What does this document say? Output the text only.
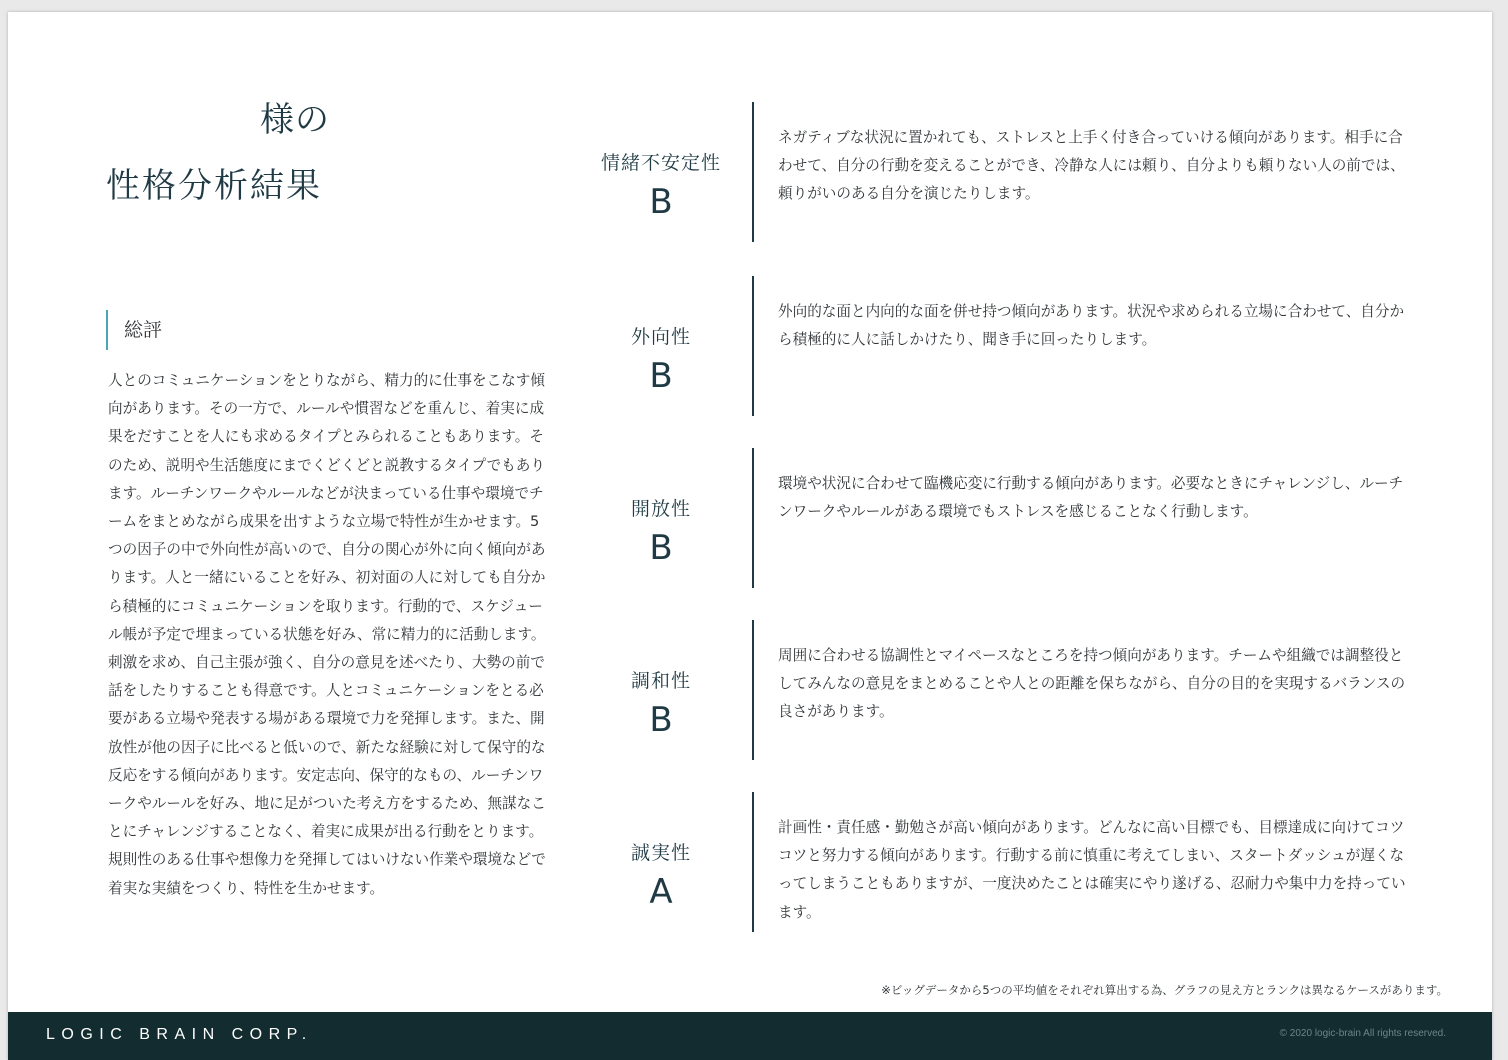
様の
性格分析結果
総評
人とのコミュニケーションをとりながら、精力的に仕事をこなす傾向があります。その一方で、ルールや慣習などを重んじ、着実に成果をだすことを人にも求めるタイプとみられることもあります。そのため、説明や生活態度にまでくどくどと説教するタイプでもあります。ルーチンワークやルールなどが決まっている仕事や環境でチームをまとめながら成果を出すような立場で特性が生かせます。5つの因子の中で外向性が高いので、自分の関心が外に向く傾向があります。人と一緒にいることを好み、初対面の人に対しても自分から積極的にコミュニケーションを取ります。行動的で、スケジュール帳が予定で埋まっている状態を好み、常に精力的に活動します。刺激を求め、自己主張が強く、自分の意見を述べたり、大勢の前で話をしたりすることも得意です。人とコミュニケーションをとる必要がある立場や発表する場がある環境で力を発揮します。また、開放性が他の因子に比べると低いので、新たな経験に対して保守的な反応をする傾向があります。安定志向、保守的なもの、ルーチンワークやルールを好み、地に足がついた考え方をするため、無謀なことにチャレンジすることなく、着実に成果が出る行動をとります。規則性のある仕事や想像力を発揮してはいけない作業や環境などで着実な実績をつくり、特性を生かせます。
情緒不安定性
B
ネガティブな状況に置かれても、ストレスと上手く付き合っていける傾向があります。相手に合わせて、自分の行動を変えることができ、冷静な人には頼り、自分よりも頼りない人の前では、頼りがいのある自分を演じたりします。
外向性
B
外向的な面と内向的な面を併せ持つ傾向があります。状況や求められる立場に合わせて、自分から積極的に人に話しかけたり、聞き手に回ったりします。
開放性
B
環境や状況に合わせて臨機応変に行動する傾向があります。必要なときにチャレンジし、ルーチンワークやルールがある環境でもストレスを感じることなく行動します。
調和性
B
周囲に合わせる協調性とマイペースなところを持つ傾向があります。チームや組織では調整役としてみんなの意見をまとめることや人との距離を保ちながら、自分の目的を実現するバランスの良さがあります。
誠実性
A
計画性・責任感・勤勉さが高い傾向があります。どんなに高い目標でも、目標達成に向けてコツコツと努力する傾向があります。行動する前に慎重に考えてしまい、スタートダッシュが遅くなってしまうこともありますが、一度決めたことは確実にやり遂げる、忍耐力や集中力を持っています。
※ビッグデータから5つの平均値をそれぞれ算出する為、グラフの見え方とランクは異なるケースがあります。
LOGIC BRAIN CORP.	© 2020 logic-brain All rights reserved.
